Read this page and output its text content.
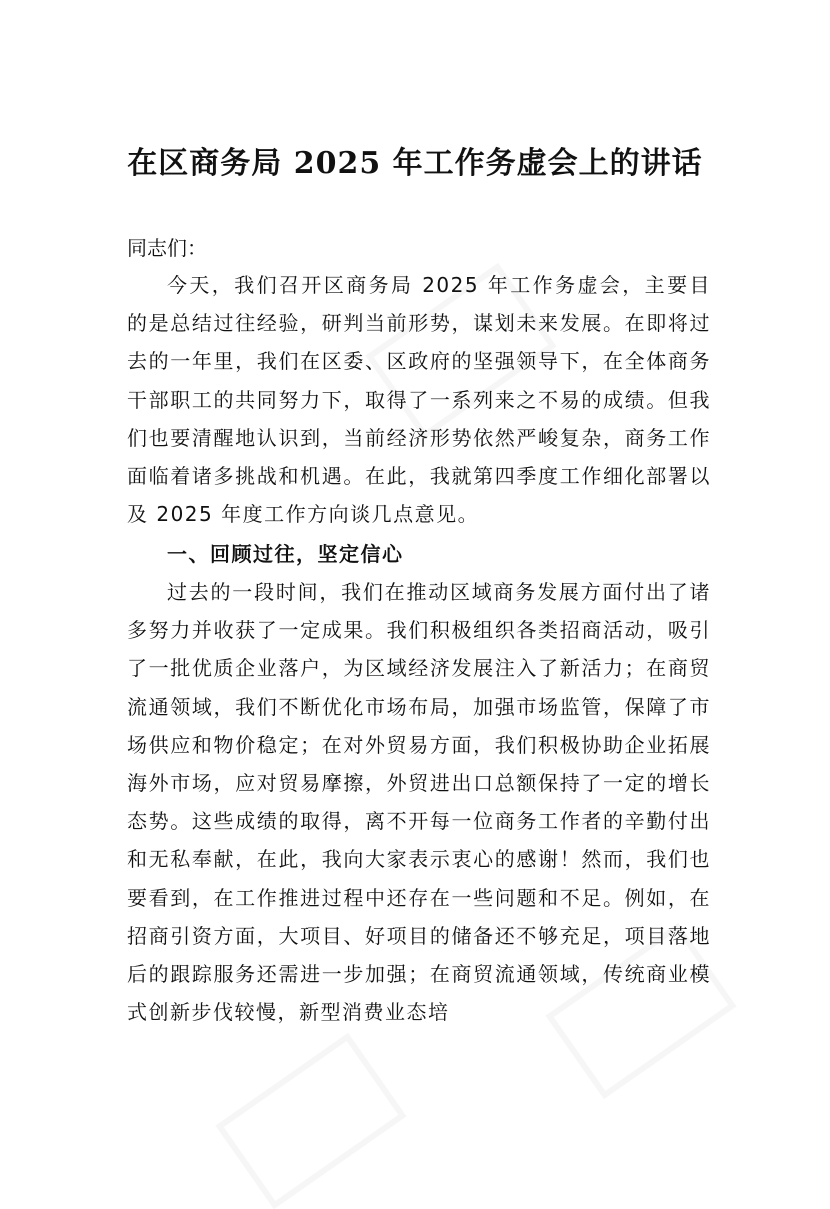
在区商务局 2025 年工作务虚会上的讲话
同志们：

今天，我们召开区商务局 2025 年工作务虚会，主要目的是总结过往经验，研判当前形势，谋划未来发展。在即将过去的一年里，我们在区委、区政府的坚强领导下，在全体商务干部职工的共同努力下，取得了一系列来之不易的成绩。但我们也要清醒地认识到，当前经济形势依然严峻复杂，商务工作面临着诸多挑战和机遇。在此，我就第四季度工作细化部署以及 2025 年度工作方向谈几点意见。

一、回顾过往，坚定信心

过去的一段时间，我们在推动区域商务发展方面付出了诸多努力并收获了一定成果。我们积极组织各类招商活动，吸引了一批优质企业落户，为区域经济发展注入了新活力；在商贸流通领域，我们不断优化市场布局，加强市场监管，保障了市场供应和物价稳定；在对外贸易方面，我们积极协助企业拓展海外市场，应对贸易摩擦，外贸进出口总额保持了一定的增长态势。这些成绩的取得，离不开每一位商务工作者的辛勤付出和无私奉献，在此，我向大家表示衷心的感谢！然而，我们也要看到，在工作推进过程中还存在一些问题和不足。例如，在招商引资方面，大项目、好项目的储备还不够充足，项目落地后的跟踪服务还需进一步加强；在商贸流通领域，传统商业模式创新步伐较慢，新型消费业态培
